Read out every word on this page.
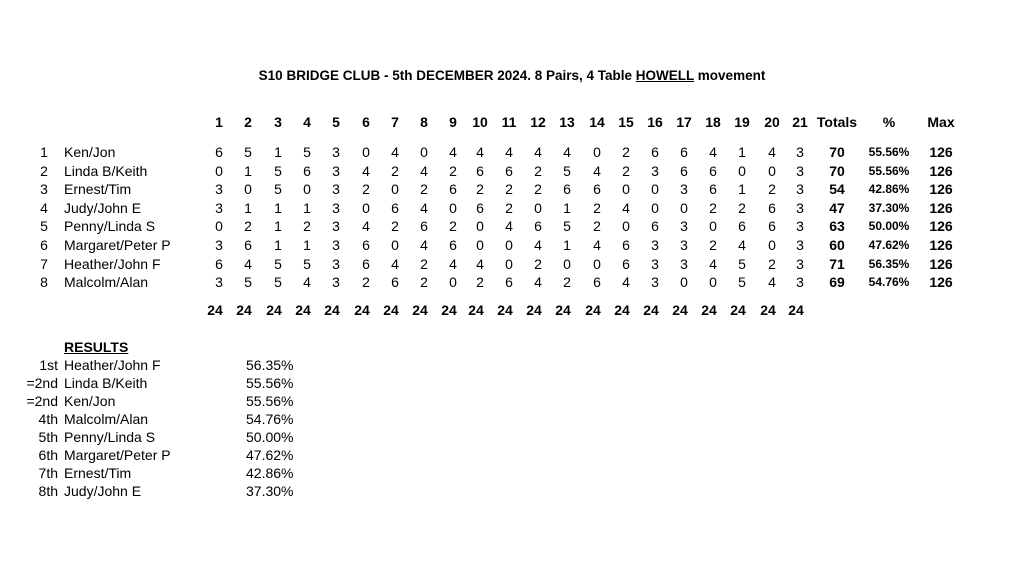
S10 BRIDGE CLUB - 5th DECEMBER 2024. 8 Pairs, 4 Table HOWELL movement
1 2 3 4 5 6 7 8 9 10 11 12 13 14 15 16 17 18 19 20 21 Totals % Max
1	Ken/Jon	6 5 1 5 3 0 4 0 4 4 4 4 4 0 2 6 6 4 1 4 3 70 55.56% 126
2	Linda B/Keith	0 1 5 6 3 4 2 4 2 6 6 2 5 4 2 3 6 6 0 0 3 70 55.56% 126
3	Ernest/Tim	3 0 5 0 3 2 0 2 6 2 2 2 6 6 0 0 3 6 1 2 3 54 42.86% 126
4	Judy/John E	3 1 1 1 3 0 6 4 0 6 2 0 1 2 4 0 0 2 2 6 3 47 37.30% 126
5	Penny/Linda S	0 2 1 2 3 4 2 6 2 0 4 6 5 2 0 6 3 0 6 6 3 63 50.00% 126
6	Margaret/Peter P	3 6 1 1 3 6 0 4 6 0 0 4 1 4 6 3 3 2 4 0 3 60 47.62% 126
7	Heather/John F	6 4 5 5 3 6 4 2 4 4 0 2 0 0 6 3 3 4 5 2 3 71 56.35% 126
8	Malcolm/Alan	3 5 5 4 3 2 6 2 0 2 6 4 2 6 4 3 0 0 5 4 3 69 54.76% 126
24 24 24 24 24 24 24 24 24 24 24 24 24 24 24 24 24 24 24 24 24
RESULTS
1st Heather/John F	56.35%
=2nd Linda B/Keith	55.56%
=2nd Ken/Jon	55.56%
4th Malcolm/Alan	54.76%
5th Penny/Linda S	50.00%
6th Margaret/Peter P	47.62%
7th Ernest/Tim	42.86%
8th Judy/John E	37.30%
